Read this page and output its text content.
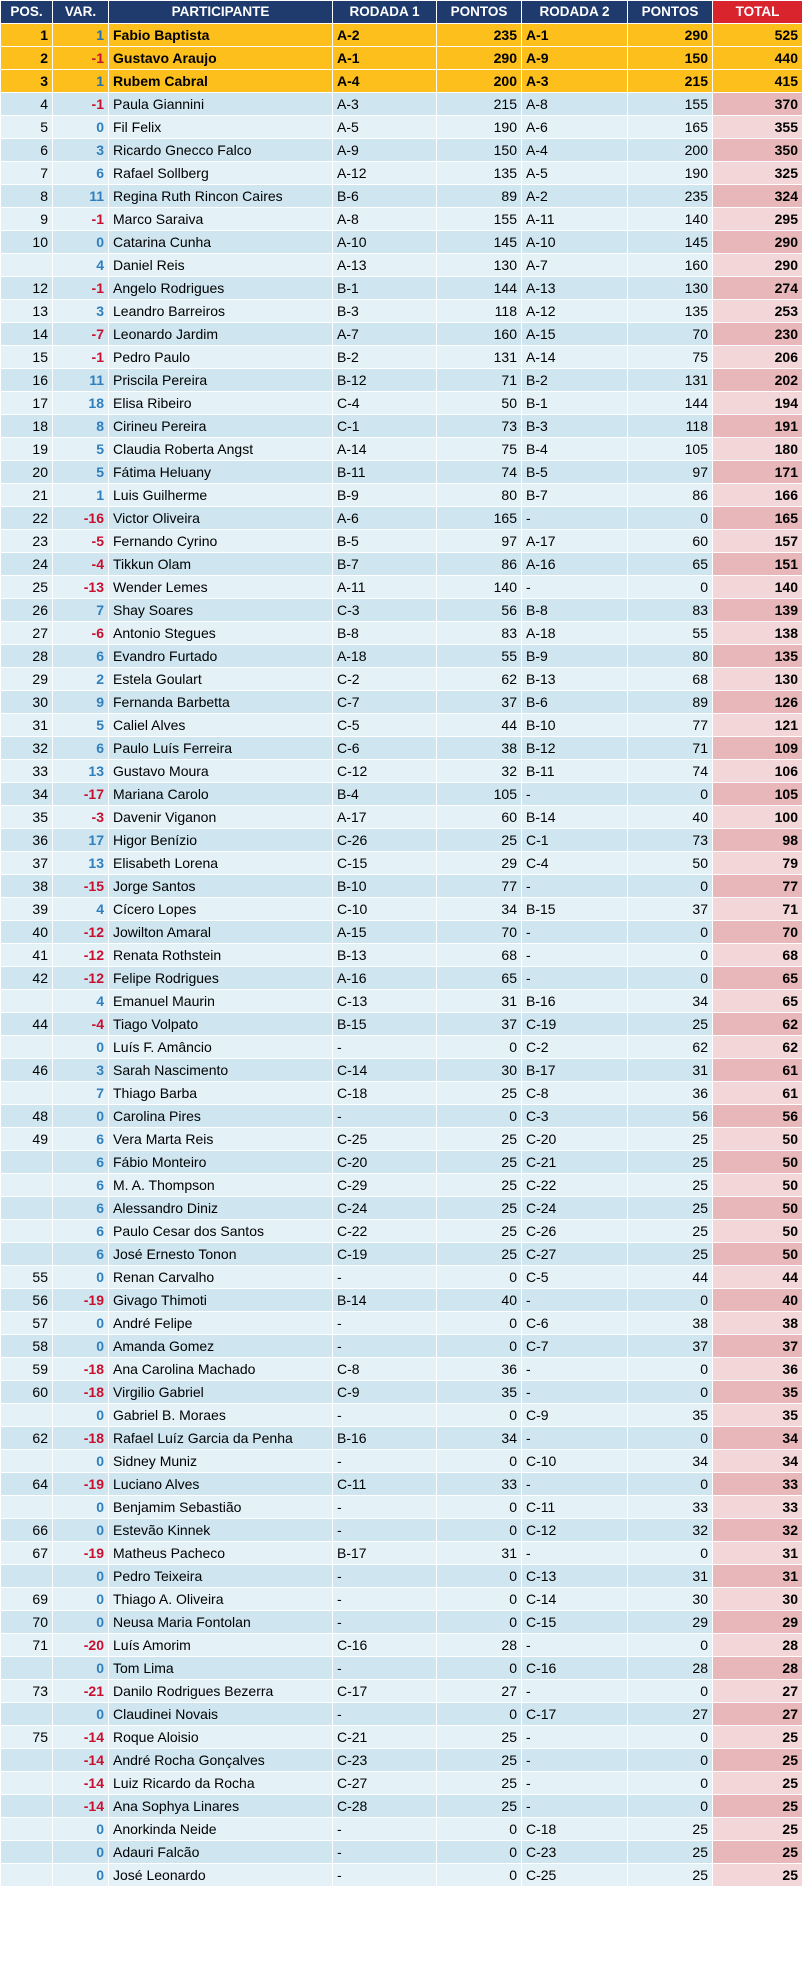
POS.	VAR.	PARTICIPANTE	RODADA 1	PONTOS	RODADA 2	PONTOS	TOTAL
1	1	Fabio Baptista	A-2	235	A-1	290	525
2	-1	Gustavo Araujo	A-1	290	A-9	150	440
3	1	Rubem Cabral	A-4	200	A-3	215	415
4	-1	Paula Giannini	A-3	215	A-8	155	370
5	0	Fil Felix	A-5	190	A-6	165	355
6	3	Ricardo Gnecco Falco	A-9	150	A-4	200	350
7	6	Rafael Sollberg	A-12	135	A-5	190	325
8	11	Regina Ruth Rincon Caires	B-6	89	A-2	235	324
9	-1	Marco Saraiva	A-8	155	A-11	140	295
10	0	Catarina Cunha	A-10	145	A-10	145	290
	4	Daniel Reis	A-13	130	A-7	160	290
12	-1	Angelo Rodrigues	B-1	144	A-13	130	274
13	3	Leandro Barreiros	B-3	118	A-12	135	253
14	-7	Leonardo Jardim	A-7	160	A-15	70	230
15	-1	Pedro Paulo	B-2	131	A-14	75	206
16	11	Priscila Pereira	B-12	71	B-2	131	202
17	18	Elisa Ribeiro	C-4	50	B-1	144	194
18	8	Cirineu Pereira	C-1	73	B-3	118	191
19	5	Claudia Roberta Angst	A-14	75	B-4	105	180
20	5	Fátima Heluany	B-11	74	B-5	97	171
21	1	Luis Guilherme	B-9	80	B-7	86	166
22	-16	Victor Oliveira	A-6	165	-	0	165
23	-5	Fernando Cyrino	B-5	97	A-17	60	157
24	-4	Tikkun Olam	B-7	86	A-16	65	151
25	-13	Wender Lemes	A-11	140	-	0	140
26	7	Shay Soares	C-3	56	B-8	83	139
27	-6	Antonio Stegues	B-8	83	A-18	55	138
28	6	Evandro Furtado	A-18	55	B-9	80	135
29	2	Estela Goulart	C-2	62	B-13	68	130
30	9	Fernanda Barbetta	C-7	37	B-6	89	126
31	5	Caliel Alves	C-5	44	B-10	77	121
32	6	Paulo Luís Ferreira	C-6	38	B-12	71	109
33	13	Gustavo Moura	C-12	32	B-11	74	106
34	-17	Mariana Carolo	B-4	105	-	0	105
35	-3	Davenir Viganon	A-17	60	B-14	40	100
36	17	Higor Benízio	C-26	25	C-1	73	98
37	13	Elisabeth Lorena	C-15	29	C-4	50	79
38	-15	Jorge Santos	B-10	77	-	0	77
39	4	Cícero Lopes	C-10	34	B-15	37	71
40	-12	Jowilton Amaral	A-15	70	-	0	70
41	-12	Renata Rothstein	B-13	68	-	0	68
42	-12	Felipe Rodrigues	A-16	65	-	0	65
	4	Emanuel Maurin	C-13	31	B-16	34	65
44	-4	Tiago Volpato	B-15	37	C-19	25	62
	0	Luís F. Amâncio	-	0	C-2	62	62
46	3	Sarah Nascimento	C-14	30	B-17	31	61
	7	Thiago Barba	C-18	25	C-8	36	61
48	0	Carolina Pires	-	0	C-3	56	56
49	6	Vera Marta Reis	C-25	25	C-20	25	50
	6	Fábio Monteiro	C-20	25	C-21	25	50
	6	M. A. Thompson	C-29	25	C-22	25	50
	6	Alessandro Diniz	C-24	25	C-24	25	50
	6	Paulo Cesar dos Santos	C-22	25	C-26	25	50
	6	José Ernesto Tonon	C-19	25	C-27	25	50
55	0	Renan Carvalho	-	0	C-5	44	44
56	-19	Givago Thimoti	B-14	40	-	0	40
57	0	André Felipe	-	0	C-6	38	38
58	0	Amanda Gomez	-	0	C-7	37	37
59	-18	Ana Carolina Machado	C-8	36	-	0	36
60	-18	Virgilio Gabriel	C-9	35	-	0	35
	0	Gabriel B. Moraes	-	0	C-9	35	35
62	-18	Rafael Luíz Garcia da Penha	B-16	34	-	0	34
	0	Sidney Muniz	-	0	C-10	34	34
64	-19	Luciano Alves	C-11	33	-	0	33
	0	Benjamim Sebastião	-	0	C-11	33	33
66	0	Estevão Kinnek	-	0	C-12	32	32
67	-19	Matheus Pacheco	B-17	31	-	0	31
	0	Pedro Teixeira	-	0	C-13	31	31
69	0	Thiago A. Oliveira	-	0	C-14	30	30
70	0	Neusa Maria Fontolan	-	0	C-15	29	29
71	-20	Luís Amorim	C-16	28	-	0	28
	0	Tom Lima	-	0	C-16	28	28
73	-21	Danilo Rodrigues Bezerra	C-17	27	-	0	27
	0	Claudinei Novais	-	0	C-17	27	27
75	-14	Roque Aloisio	C-21	25	-	0	25
	-14	André Rocha Gonçalves	C-23	25	-	0	25
	-14	Luiz Ricardo da Rocha	C-27	25	-	0	25
	-14	Ana Sophya Linares	C-28	25	-	0	25
	0	Anorkinda Neide	-	0	C-18	25	25
	0	Adauri Falcão	-	0	C-23	25	25
	0	José Leonardo	-	0	C-25	25	25
